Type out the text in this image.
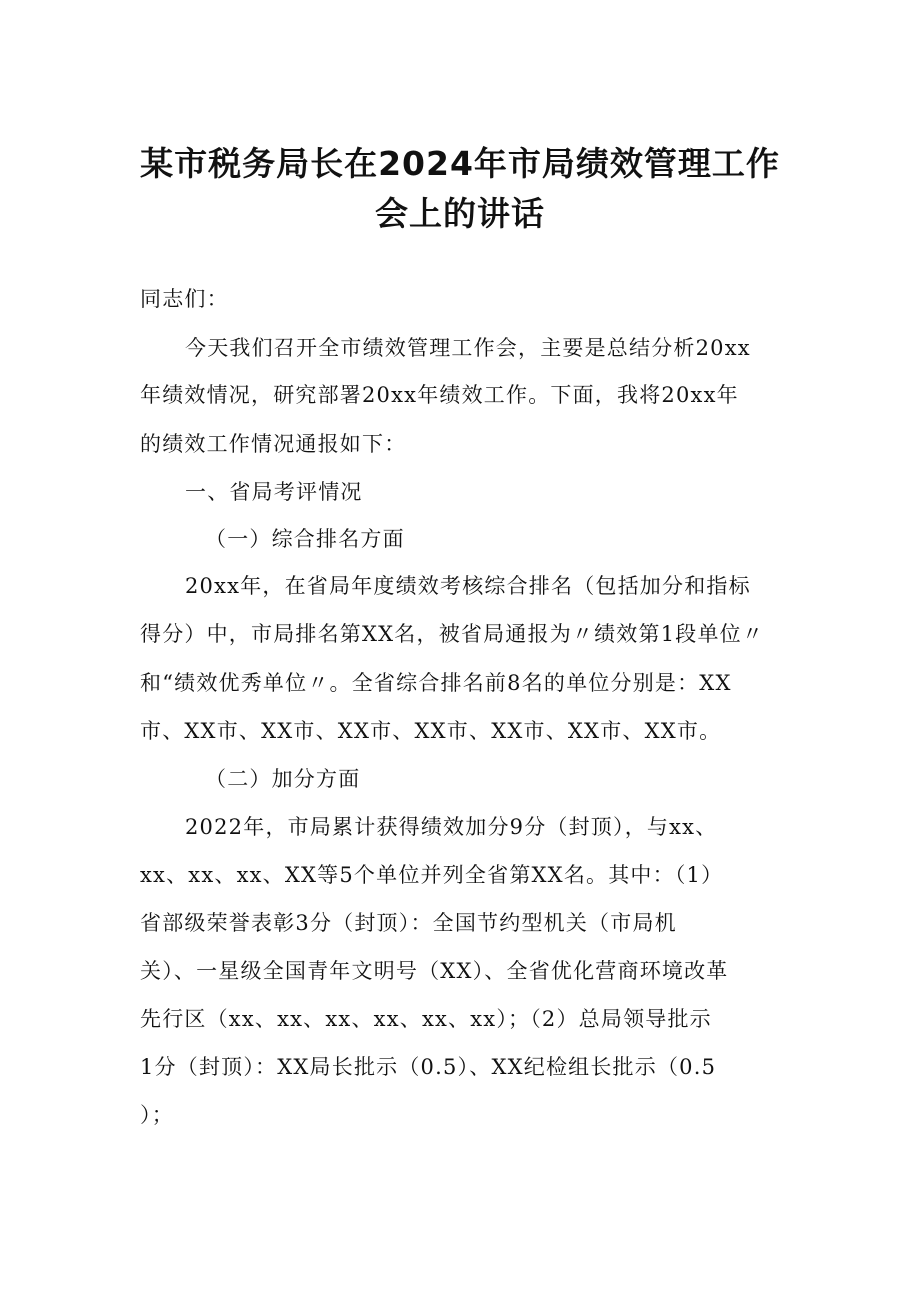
某市税务局长在2024年市局绩效管理工作
会上的讲话
同志们：
今天我们召开全市绩效管理工作会，主要是总结分析20xx
年绩效情况，研究部署20xx年绩效工作。下面，我将20xx年
的绩效工作情况通报如下：
一、省局考评情况
（一）综合排名方面
20xx年，在省局年度绩效考核综合排名（包括加分和指标
得分）中，市局排名第XX名，被省局通报为〃绩效第1段单位〃
和“绩效优秀单位〃。全省综合排名前8名的单位分别是：XX
市、XX市、XX市、XX市、XX市、XX市、XX市、XX市。
（二）加分方面
2022年，市局累计获得绩效加分9分（封顶），与xx、
xx、xx、xx、XX等5个单位并列全省第XX名。其中：（1）
省部级荣誉表彰3分（封顶）：全国节约型机关（市局机
关）、一星级全国青年文明号（XX）、全省优化营商环境改革
先行区（xx、xx、xx、xx、xx、xx）；（2）总局领导批示
1分（封顶）：XX局长批示（0.5）、XX纪检组长批示（0.5
）；
